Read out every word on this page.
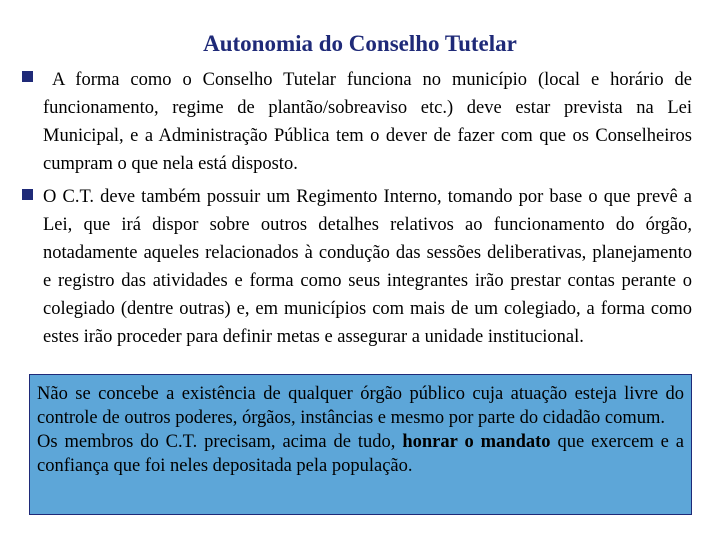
Autonomia do Conselho Tutelar
A forma como o Conselho Tutelar funciona no município (local e horário de funcionamento, regime de plantão/sobreaviso etc.) deve estar prevista na Lei Municipal, e a Administração Pública tem o dever de fazer com que os Conselheiros cumpram o que nela está disposto.
O C.T. deve também possuir um Regimento Interno, tomando por base o que prevê a Lei, que irá dispor sobre outros detalhes relativos ao funcionamento do órgão, notadamente aqueles relacionados à condução das sessões deliberativas, planejamento e registro das atividades e forma como seus integrantes irão prestar contas perante o colegiado (dentre outras) e, em municípios com mais de um colegiado, a forma como estes irão proceder para definir metas e assegurar a unidade institucional.

Não se concebe a existência de qualquer órgão público cuja atuação esteja livre do controle de outros poderes, órgãos, instâncias e mesmo por parte do cidadão comum.

Os membros do C.T. precisam, acima de tudo, honrar o mandato que exercem e a confiança que foi neles depositada pela população.
